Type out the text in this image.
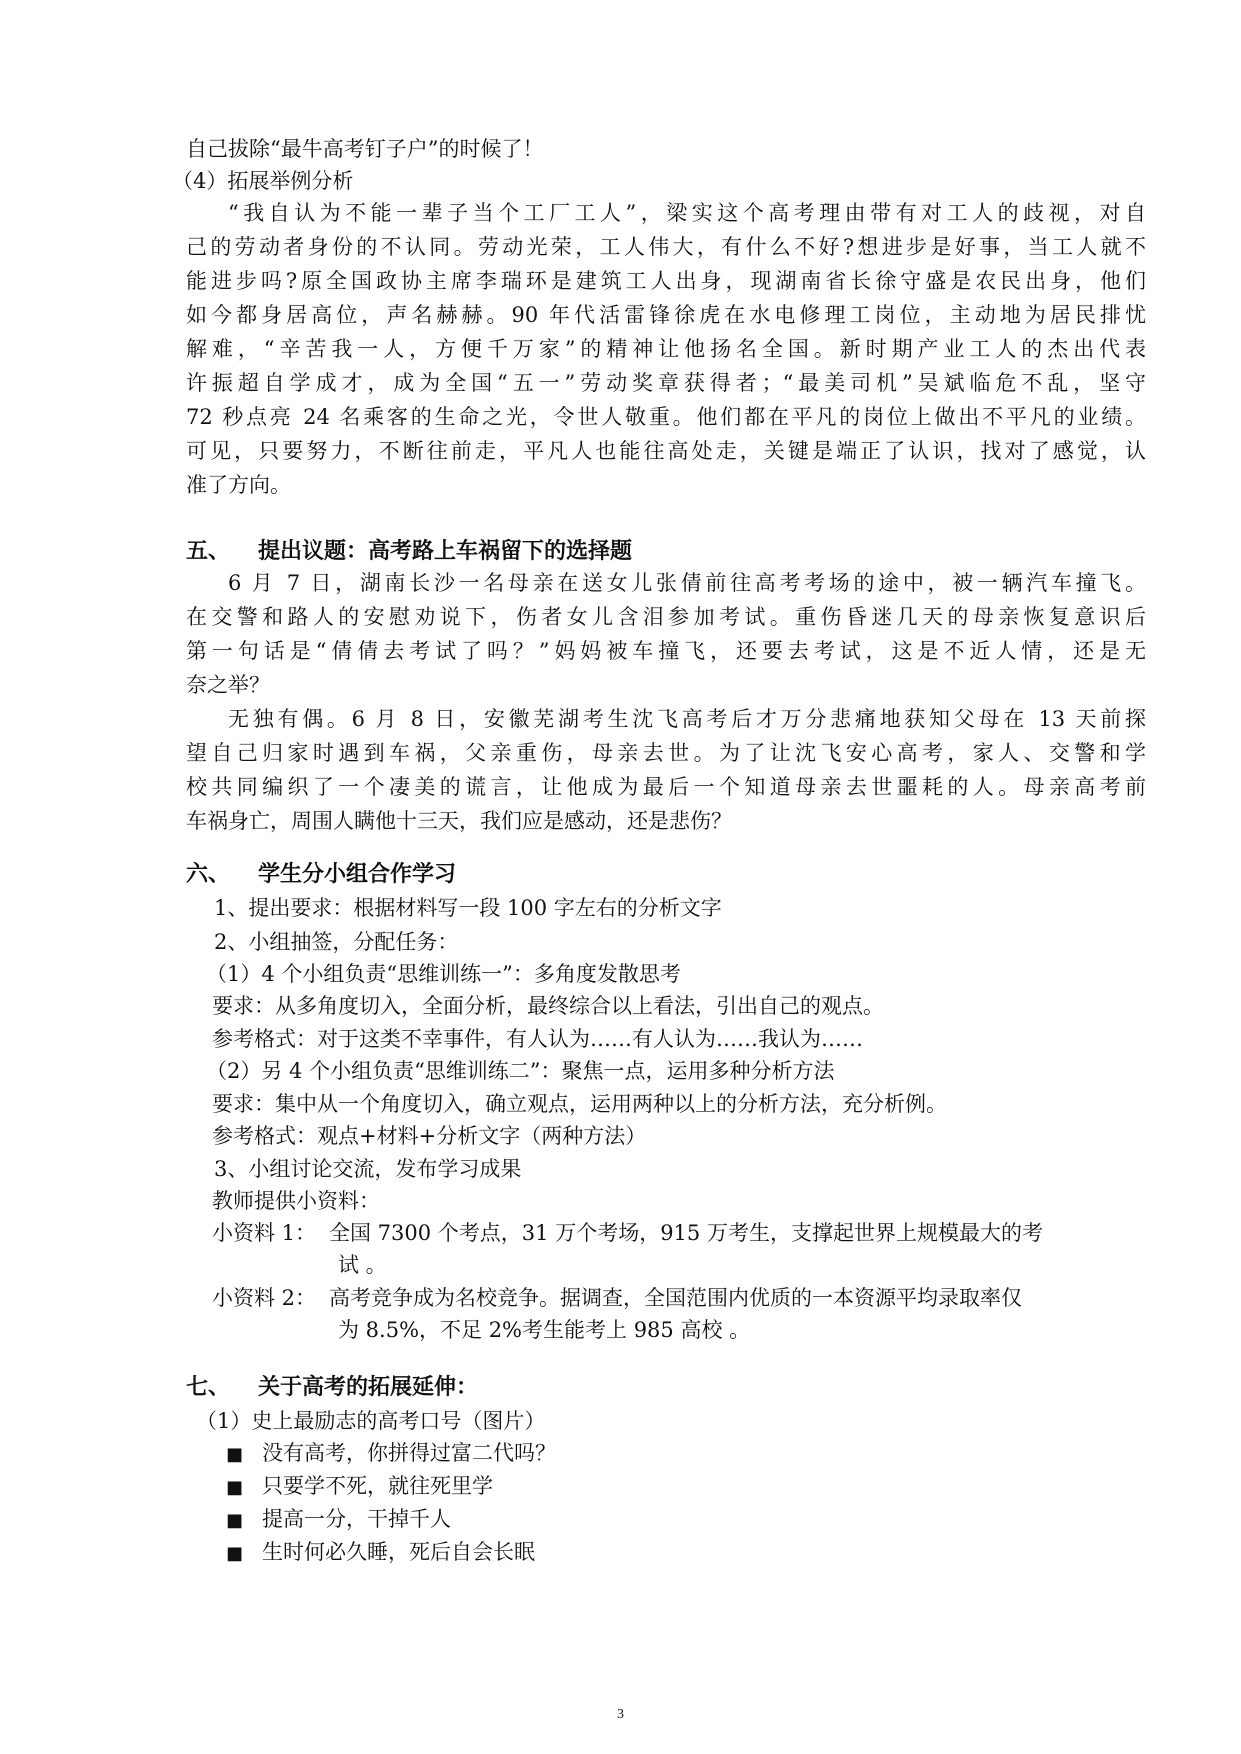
自己拔除“最牛高考钉子户”的时候了！
（4）拓展举例分析
“我自认为不能一辈子当个工厂工人”，梁实这个高考理由带有对工人的歧视，对自
己的劳动者身份的不认同。劳动光荣，工人伟大，有什么不好?想进步是好事，当工人就不
能进步吗?原全国政协主席李瑞环是建筑工人出身，现湖南省长徐守盛是农民出身，他们
如今都身居高位，声名赫赫。90 年代活雷锋徐虎在水电修理工岗位，主动地为居民排忧
解难，“辛苦我一人，方便千万家”的精神让他扬名全国。新时期产业工人的杰出代表
许振超自学成才，成为全国“五一”劳动奖章获得者；“最美司机”吴斌临危不乱，坚守
72 秒点亮 24 名乘客的生命之光，令世人敬重。他们都在平凡的岗位上做出不平凡的业绩。
可见，只要努力，不断往前走，平凡人也能往高处走，关键是端正了认识，找对了感觉，认
准了方向。
五、 提出议题：高考路上车祸留下的选择题
6 月 7 日，湖南长沙一名母亲在送女儿张倩前往高考考场的途中，被一辆汽车撞飞。
在交警和路人的安慰劝说下，伤者女儿含泪参加考试。重伤昏迷几天的母亲恢复意识后
第一句话是“倩倩去考试了吗？”妈妈被车撞飞，还要去考试，这是不近人情，还是无
奈之举？
无独有偶。6 月 8 日，安徽芜湖考生沈飞高考后才万分悲痛地获知父母在 13 天前探
望自己归家时遇到车祸，父亲重伤，母亲去世。为了让沈飞安心高考，家人、交警和学
校共同编织了一个凄美的谎言，让他成为最后一个知道母亲去世噩耗的人。母亲高考前
车祸身亡，周围人瞒他十三天，我们应是感动，还是悲伤？
六、 学生分小组合作学习
1、提出要求：根据材料写一段 100 字左右的分析文字
2、小组抽签，分配任务：
（1）4 个小组负责“思维训练一”：多角度发散思考
要求：从多角度切入，全面分析，最终综合以上看法，引出自己的观点。
参考格式：对于这类不幸事件，有人认为……有人认为……我认为……
（2）另 4 个小组负责“思维训练二”：聚焦一点，运用多种分析方法
要求：集中从一个角度切入，确立观点，运用两种以上的分析方法，充分析例。
参考格式：观点+材料+分析文字（两种方法）
3、小组讨论交流，发布学习成果
教师提供小资料：
小资料 1： 全国 7300 个考点，31 万个考场，915 万考生，支撑起世界上规模最大的考
试 。
小资料 2： 高考竞争成为名校竞争。据调查，全国范围内优质的一本资源平均录取率仅
为 8.5%，不足 2%考生能考上 985 高校 。
七、 关于高考的拓展延伸：
（1）史上最励志的高考口号（图片）
■ 没有高考，你拼得过富二代吗？
■ 只要学不死，就往死里学
■ 提高一分，干掉千人
■ 生时何必久睡，死后自会长眠
3
